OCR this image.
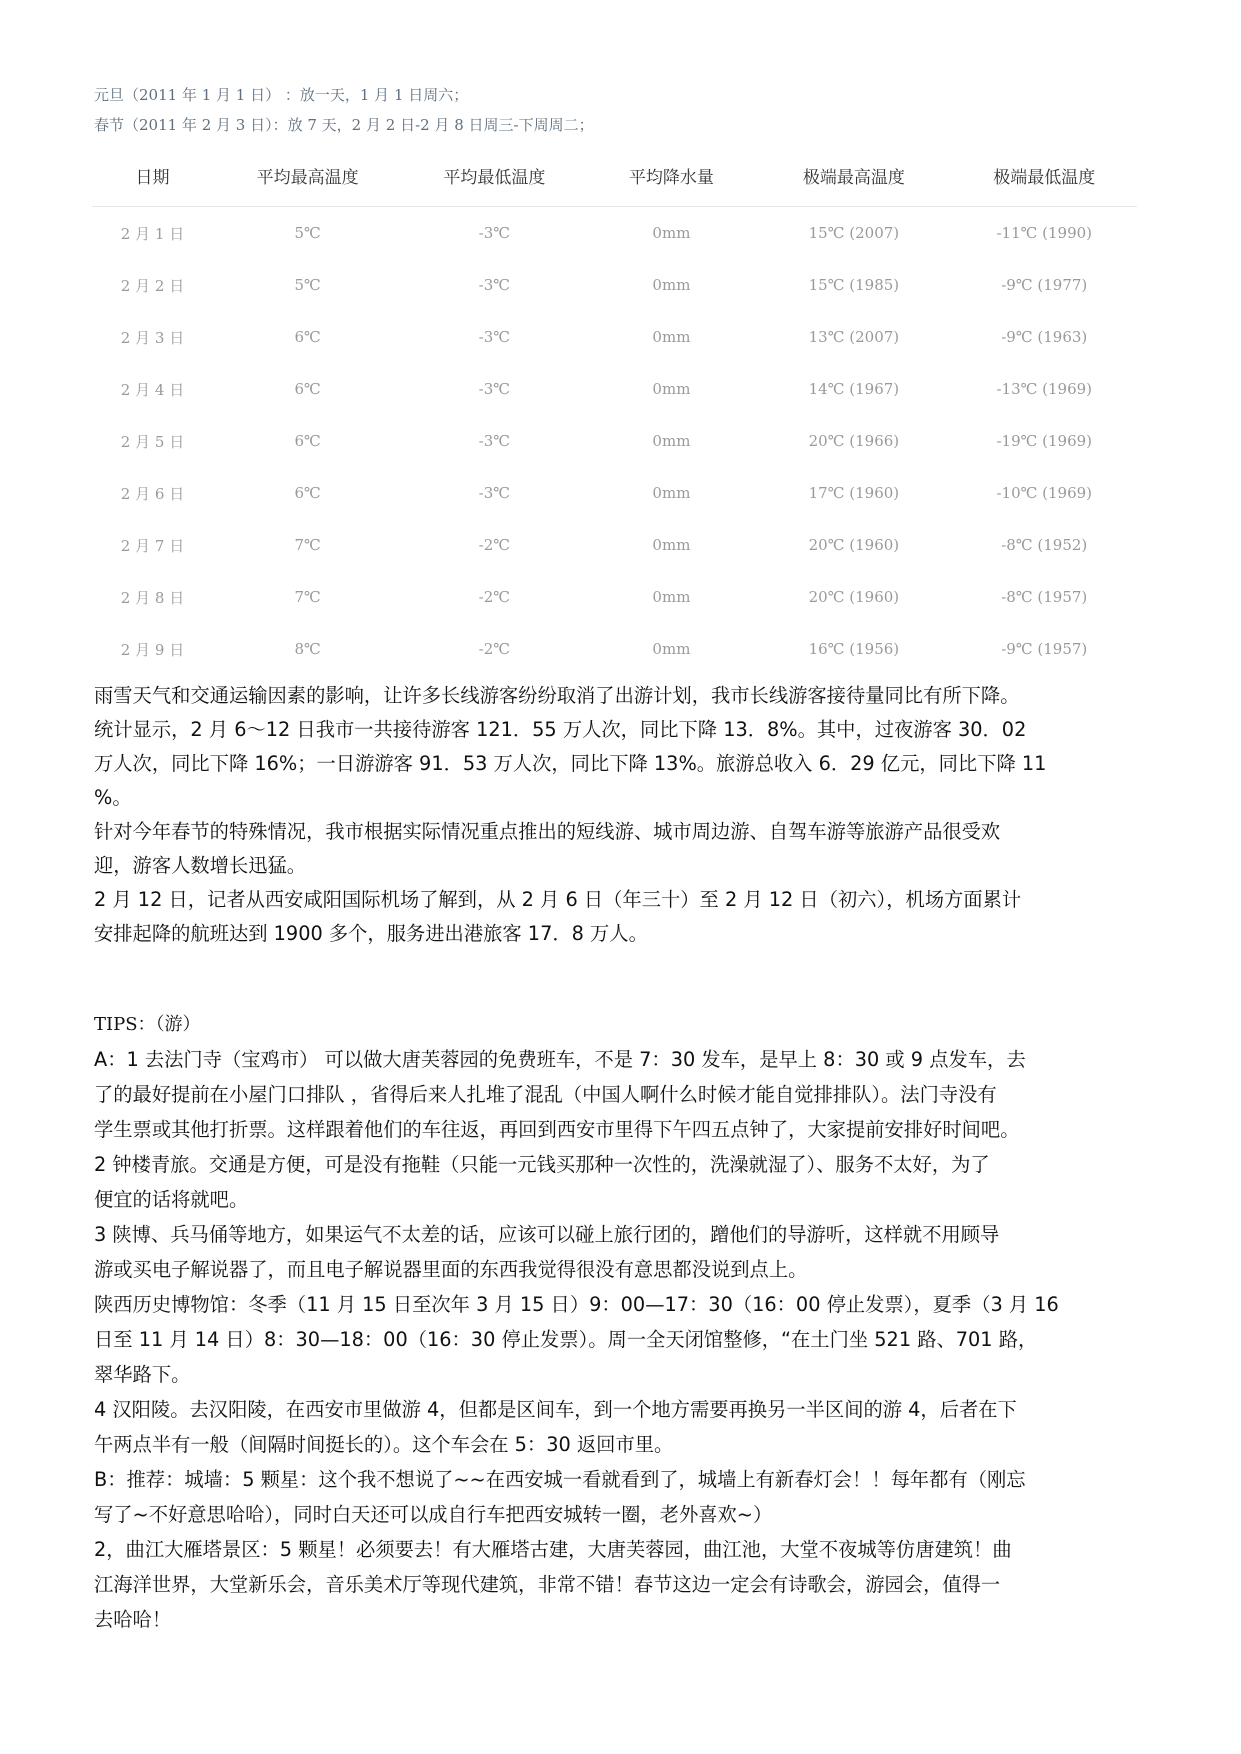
元旦（2011 年 1 月 1 日） ：放一天，1 月 1 日周六；
春节（2011 年 2 月 3 日）：放 7 天，2 月 2 日-2 月 8 日周三-下周周二；
日期	平均最高温度	平均最低温度	平均降水量	极端最高温度	极端最低温度
2 月 1 日	5℃	-3℃	0mm	15℃ (2007)	-11℃ (1990)
2 月 2 日	5℃	-3℃	0mm	15℃ (1985)	-9℃ (1977)
2 月 3 日	6℃	-3℃	0mm	13℃ (2007)	-9℃ (1963)
2 月 4 日	6℃	-3℃	0mm	14℃ (1967)	-13℃ (1969)
2 月 5 日	6℃	-3℃	0mm	20℃ (1966)	-19℃ (1969)
2 月 6 日	6℃	-3℃	0mm	17℃ (1960)	-10℃ (1969)
2 月 7 日	7℃	-2℃	0mm	20℃ (1960)	-8℃ (1952)
2 月 8 日	7℃	-2℃	0mm	20℃ (1960)	-8℃ (1957)
2 月 9 日	8℃	-2℃	0mm	16℃ (1956)	-9℃ (1957)

雨雪天气和交通运输因素的影响，让许多长线游客纷纷取消了出游计划，我市长线游客接待量同比有所下降。

统计显示，2 月 6～12 日我市一共接待游客 121．55 万人次，同比下降 13．8%。其中，过夜游客 30．02

万人次，同比下降 16%；一日游游客 91．53 万人次，同比下降 13%。旅游总收入 6．29 亿元，同比下降 11

%。

针对今年春节的特殊情况，我市根据实际情况重点推出的短线游、城市周边游、自驾车游等旅游产品很受欢

迎，游客人数增长迅猛。

2 月 12 日，记者从西安咸阳国际机场了解到，从 2 月 6 日（年三十）至 2 月 12 日（初六），机场方面累计

安排起降的航班达到 1900 多个，服务进出港旅客 17．8 万人。

TIPS：（游）

A：1 去法门寺（宝鸡市） 可以做大唐芙蓉园的免费班车，不是 7：30 发车，是早上 8：30 或 9 点发车，去

了的最好提前在小屋门口排队 ，省得后来人扎堆了混乱（中国人啊什么时候才能自觉排排队）。法门寺没有

学生票或其他打折票。这样跟着他们的车往返，再回到西安市里得下午四五点钟了，大家提前安排好时间吧。

2 钟楼青旅。交通是方便，可是没有拖鞋（只能一元钱买那种一次性的，洗澡就湿了）、服务不太好，为了

便宜的话将就吧。

3 陕博、兵马俑等地方，如果运气不太差的话，应该可以碰上旅行团的，蹭他们的导游听，这样就不用顾导

游或买电子解说器了，而且电子解说器里面的东西我觉得很没有意思都没说到点上。

陕西历史博物馆：冬季（11 月 15 日至次年 3 月 15 日）9：00—17：30（16：00 停止发票），夏季（3 月 16

日至 11 月 14 日）8：30—18：00（16：30 停止发票）。周一全天闭馆整修，“在土门坐 521 路、701 路，

翠华路下。

4 汉阳陵。去汉阳陵，在西安市里做游 4，但都是区间车，到一个地方需要再换另一半区间的游 4，后者在下

午两点半有一般（间隔时间挺长的）。这个车会在 5：30 返回市里。

B：推荐：城墙：5 颗星：这个我不想说了~~在西安城一看就看到了，城墙上有新春灯会！！每年都有（刚忘

写了~不好意思哈哈），同时白天还可以成自行车把西安城转一圈，老外喜欢~）

2，曲江大雁塔景区：5 颗星！必须要去！有大雁塔古建，大唐芙蓉园，曲江池，大堂不夜城等仿唐建筑！曲

江海洋世界，大堂新乐会，音乐美术厅等现代建筑，非常不错！春节这边一定会有诗歌会，游园会，值得一

去哈哈！
